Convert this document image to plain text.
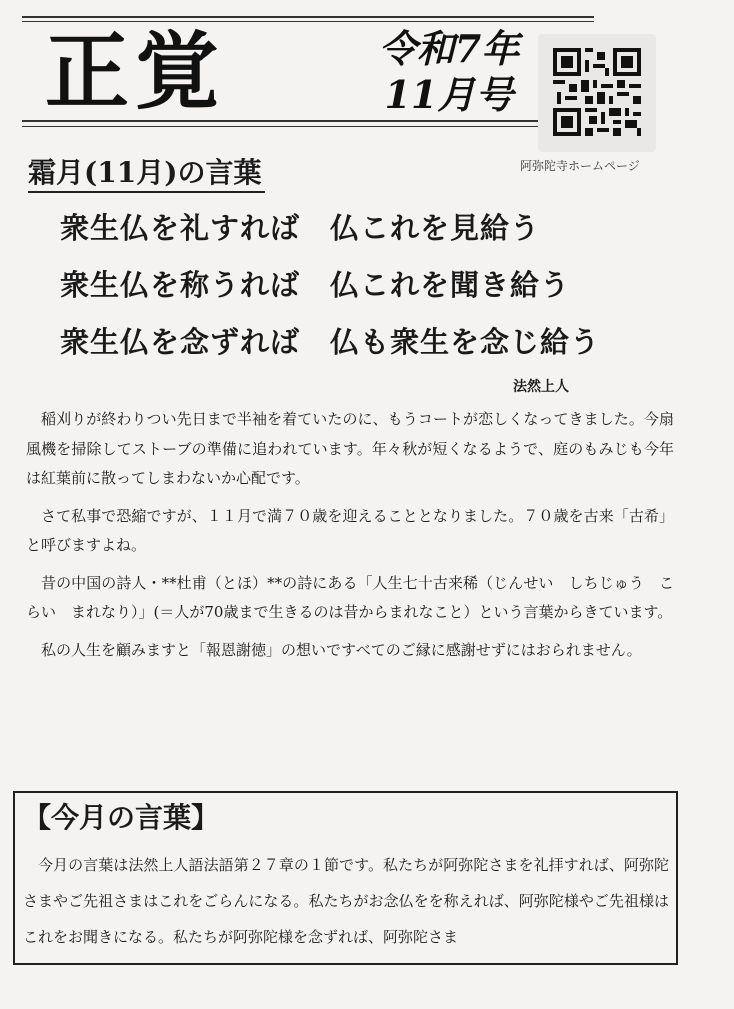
正覚	令和7年
11月号
阿弥陀寺ホームページ
霜月(11月)の言葉
衆生仏を礼すれば　仏これを見給う
衆生仏を称うれば　仏これを聞き給う
衆生仏を念ずれば　仏も衆生を念じ給う
法然上人

稲刈りが終わりつい先日まで半袖を着ていたのに、もうコートが恋しくなってきました。今扇風機を掃除してストーブの準備に追われています。年々秋が短くなるようで、庭のもみじも今年は紅葉前に散ってしまわないか心配です。

さて私事で恐縮ですが、１１月で満７０歳を迎えることとなりました。７０歳を古来「古希」と呼びますよね。

昔の中国の詩人・**杜甫（とほ）**の詩にある「人生七十古来稀（じんせい　しちじゅう　こらい　まれなり）」(＝人が70歳まで生きるのは昔からまれなこと）という言葉からきています。

私の人生を顧みますと「報恩謝徳」の想いですべてのご縁に感謝せずにはおられません。

【今月の言葉】

今月の言葉は法然上人語法語第２７章の１節です。私たちが阿弥陀さまを礼拝すれば、阿弥陀さまやご先祖さまはこれをごらんになる。私たちがお念仏をを称えれば、阿弥陀様やご先祖様はこれをお聞きになる。私たちが阿弥陀様を念ずれば、阿弥陀さま
